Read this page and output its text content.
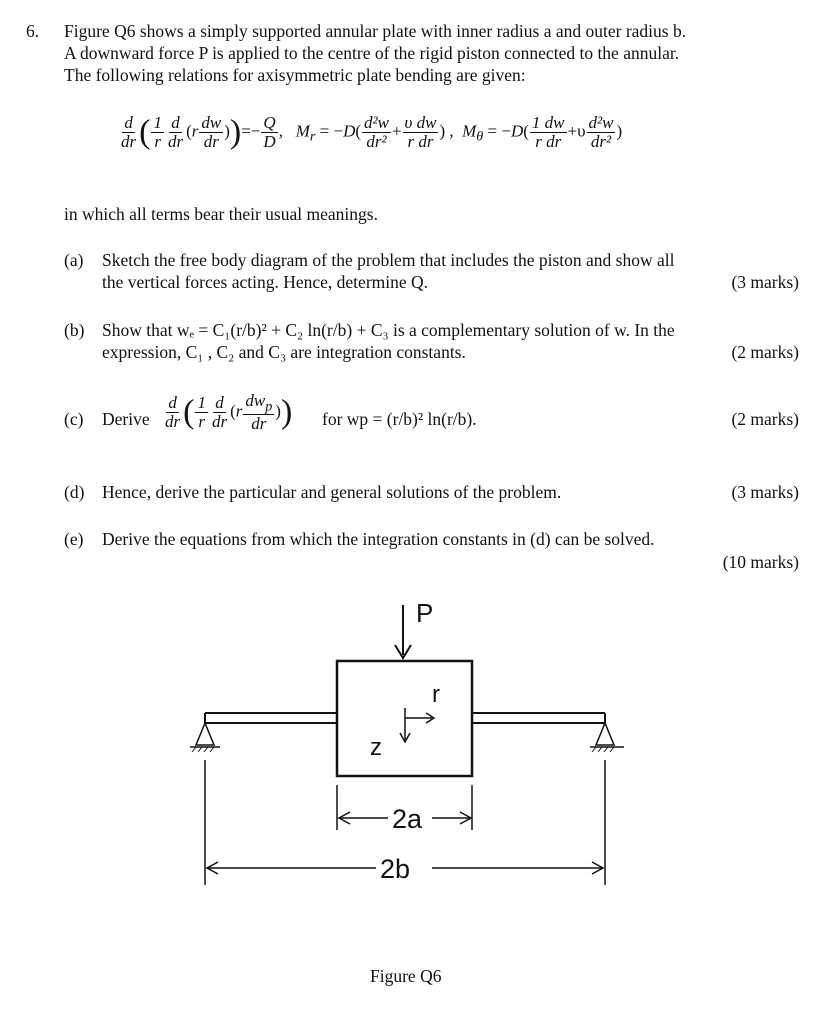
6. Figure Q6 shows a simply supported annular plate with inner radius a and outer radius b.
A downward force P is applied to the centre of the rigid piston connected to the annular.
The following relations for axisymmetric plate bending are given:
$\frac{d}{dr}$ ( $\frac{1}{r} \frac{d}{dr} (r \frac{dw}{dr}$ ))=− $\frac{Q}{D}$ ,   $M_r = -D( \frac{\text{d²w}}{\text{dr²}} + \frac{\text{υ dw}}{\text{r dr}}$ ) ,  $M_\theta = -D( \frac{1 dw}{\text{r dr}} +\upsilon \frac{\text{d²w}}{\text{dr²}}$ )
in which all terms bear their usual meanings.
(a) Sketch the free body diagram of the problem that includes the piston and show all
the vertical forces acting. Hence, determine Q.	(3 marks)
(b) Show that wₑ = C₁(r/b)² + C₂ ln(r/b) + C₃ is a complementary solution of w. In the
expression, C₁ , C₂ and C₃ are integration constants.	(2 marks)
(c) Derive $\frac{d}{dr}$ ( $\frac{1}{r} \frac{d}{dr} (r \frac{dw_p}{dr}$ )) for wp = (r/b)² ln(r/b).	(2 marks)
(d) Hence, derive the particular and general solutions of the problem.	(3 marks)
(e) Derive the equations from which the integration constants in (d) can be solved.
(10 marks)
P
r
z
2a
2b
Figure Q6
